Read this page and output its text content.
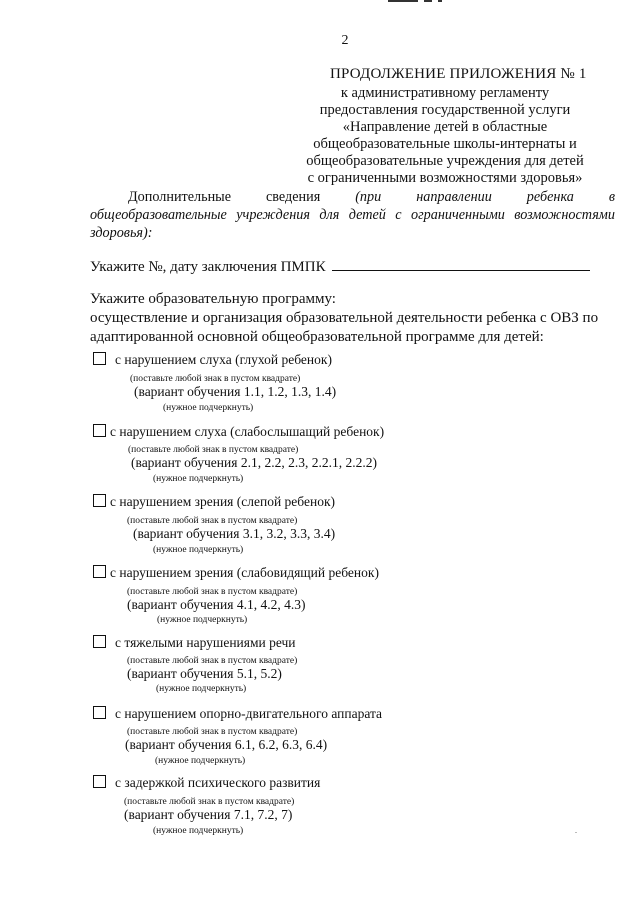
2
ПРОДОЛЖЕНИЕ ПРИЛОЖЕНИЯ № 1
к административному регламенту
предоставления государственной услуги
«Направление детей в областные
общеобразовательные школы-интернаты и
общеобразовательные учреждения для детей
с ограниченными возможностями здоровья»
Дополнительные сведения (при направлении ребенка в
общеобразовательные учреждения для детей с ограниченными возможностями
здоровья):
Укажите №, дату заключения ПМПК
Укажите образовательную программу:
осуществление и организация образовательной деятельности ребенка с ОВЗ по
адаптированной основной общеобразовательной программе для детей:
с нарушением слуха (глухой ребенок)
(поставьте любой знак в пустом квадрате)
(вариант обучения 1.1, 1.2, 1.3, 1.4)
(нужное подчеркнуть)
с нарушением слуха (слабослышащий ребенок)
(поставьте любой знак в пустом квадрате)
(вариант обучения 2.1, 2.2, 2.3, 2.2.1, 2.2.2)
(нужное подчеркнуть)
с нарушением зрения (слепой ребенок)
(поставьте любой знак в пустом квадрате)
(вариант обучения 3.1, 3.2, 3.3, 3.4)
(нужное подчеркнуть)
с нарушением зрения (слабовидящий ребенок)
(поставьте любой знак в пустом квадрате)
(вариант обучения 4.1, 4.2, 4.3)
(нужное подчеркнуть)
с тяжелыми нарушениями речи
(поставьте любой знак в пустом квадрате)
(вариант обучения 5.1, 5.2)
(нужное подчеркнуть)
с нарушением опорно-двигательного аппарата
(поставьте любой знак в пустом квадрате)
(вариант обучения 6.1, 6.2, 6.3, 6.4)
(нужное подчеркнуть)
с задержкой психического развития
(поставьте любой знак в пустом квадрате)
(вариант обучения 7.1, 7.2, 7)
(нужное подчеркнуть)
